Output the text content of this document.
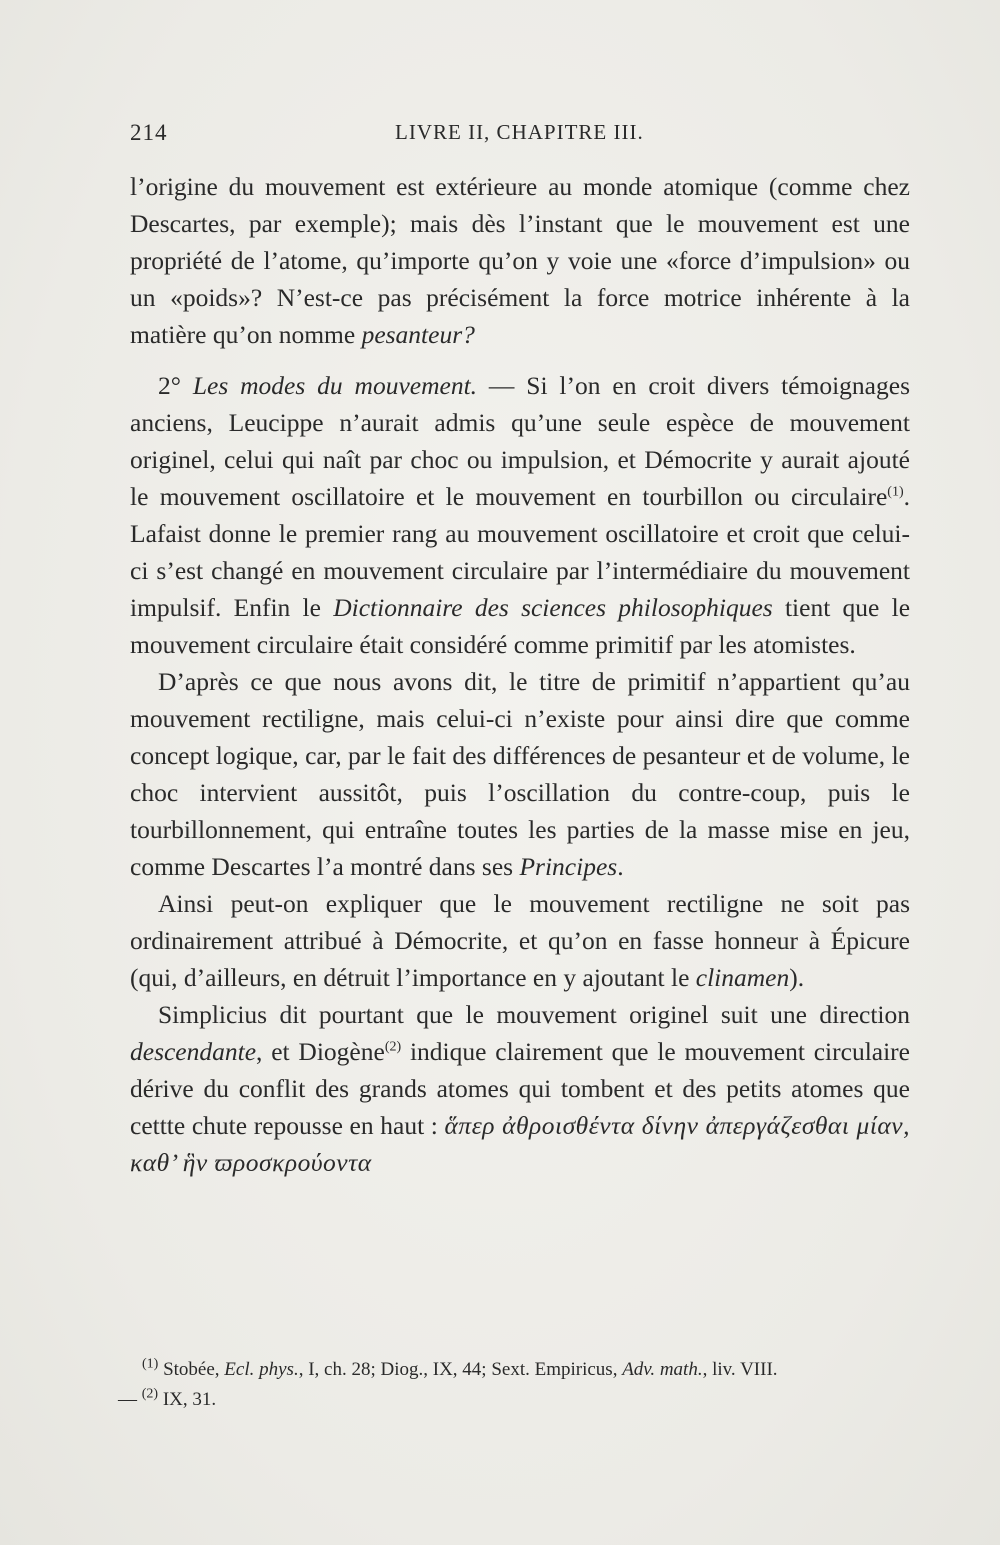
214	LIVRE II, CHAPITRE III.

l’origine du mouvement est extérieure au monde atomique (comme chez Descartes, par exemple); mais dès l’instant que le mouvement est une propriété de l’atome, qu’importe qu’on y voie une «force d’impulsion» ou un «poids»? N’est-ce pas précisément la force motrice inhérente à la matière qu’on nomme pesanteur?

2° Les modes du mouvement. — Si l’on en croit divers témoignages anciens, Leucippe n’aurait admis qu’une seule espèce de mouvement originel, celui qui naît par choc ou impulsion, et Démocrite y aurait ajouté le mouvement oscillatoire et le mouvement en tourbillon ou circulaire$^{(1)}$. Lafaist donne le premier rang au mouvement oscillatoire et croit que celui-ci s’est changé en mouvement circulaire par l’intermédiaire du mouvement impulsif. Enfin le Dictionnaire des sciences philosophiques tient que le mouvement circulaire était considéré comme primitif par les atomistes.

D’après ce que nous avons dit, le titre de primitif n’appartient qu’au mouvement rectiligne, mais celui-ci n’existe pour ainsi dire que comme concept logique, car, par le fait des différences de pesanteur et de volume, le choc intervient aussitôt, puis l’oscillation du contre-coup, puis le tourbillonnement, qui entraîne toutes les parties de la masse mise en jeu, comme Descartes l’a montré dans ses Principes.

Ainsi peut-on expliquer que le mouvement rectiligne ne soit pas ordinairement attribué à Démocrite, et qu’on en fasse honneur à Épicure (qui, d’ailleurs, en détruit l’importance en y ajoutant le clinamen).

Simplicius dit pourtant que le mouvement originel suit une direction descendante, et Diogène$^{(2)}$ indique clairement que le mouvement circulaire dérive du conflit des grands atomes qui tombent et des petits atomes que cettte chute repousse en haut : ἅπερ ἀθροισθέντα δίνην ἀπεργάζεσθαι μίαν, καθ’ ἣν ϖροσκρούοντα

$^{(1)}$ Stobée, Ecl. phys., I, ch. 28; Diog., IX, 44; Sext. Empiricus, Adv. math., liv. VIII.

— $^{(2)}$ IX, 31.
